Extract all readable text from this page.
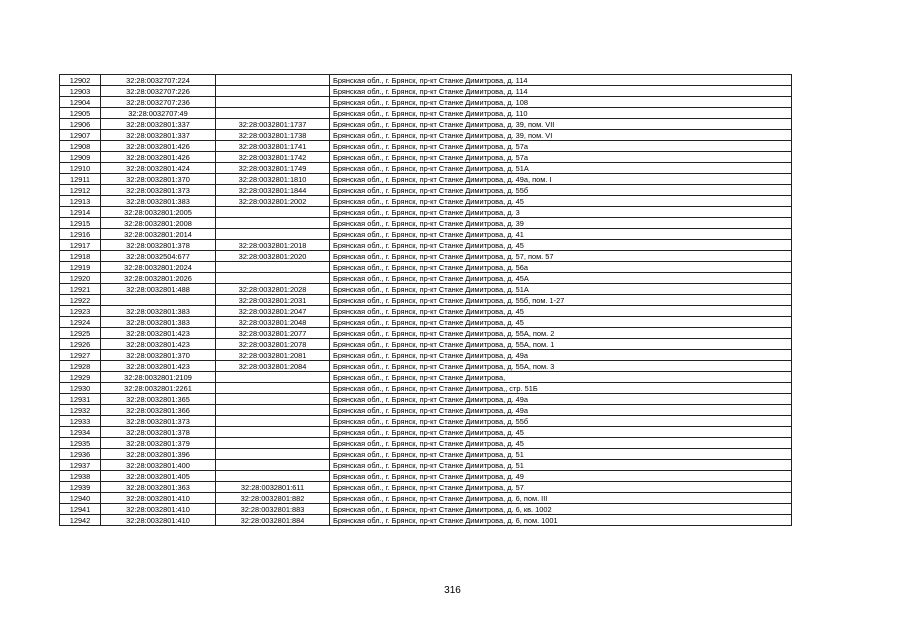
12902	32:28:0032707:224		Брянская обл., г. Брянск, пр-кт Станке Димитрова, д. 114
12903	32:28:0032707:226		Брянская обл., г. Брянск, пр-кт Станке Димитрова, д. 114
12904	32:28:0032707:236		Брянская обл., г. Брянск, пр-кт Станке Димитрова, д. 108
12905	32:28:0032707:49		Брянская обл., г. Брянск, пр-кт Станке Димитрова, д. 110
12906	32:28:0032801:337	32:28:0032801:1737	Брянская обл., г. Брянск, пр-кт Станке Димитрова, д. 39, пом. VII
12907	32:28:0032801:337	32:28:0032801:1738	Брянская обл., г. Брянск, пр-кт Станке Димитрова, д. 39, пом. VI
12908	32:28:0032801:426	32:28:0032801:1741	Брянская обл., г. Брянск, пр-кт Станке Димитрова, д. 57а
12909	32:28:0032801:426	32:28:0032801:1742	Брянская обл., г. Брянск, пр-кт Станке Димитрова, д. 57а
12910	32:28:0032801:424	32:28:0032801:1749	Брянская обл., г. Брянск, пр-кт Станке Димитрова, д. 51А
12911	32:28:0032801:370	32:28:0032801:1810	Брянская обл., г. Брянск, пр-кт Станке Димитрова, д. 49а, пом. I
12912	32:28:0032801:373	32:28:0032801:1844	Брянская обл., г. Брянск, пр-кт Станке Димитрова, д. 55б
12913	32:28:0032801:383	32:28:0032801:2002	Брянская обл., г. Брянск, пр-кт Станке Димитрова, д. 45
12914	32:28:0032801:2005		Брянская обл., г. Брянск, пр-кт Станке Димитрова, д. 3
12915	32:28:0032801:2008		Брянская обл., г. Брянск, пр-кт Станке Димитрова, д. 39
12916	32:28:0032801:2014		Брянская обл., г. Брянск, пр-кт Станке Димитрова, д. 41
12917	32:28:0032801:378	32:28:0032801:2018	Брянская обл., г. Брянск, пр-кт Станке Димитрова, д. 45
12918	32:28:0032504:677	32:28:0032801:2020	Брянская обл., г. Брянск, пр-кт Станке Димитрова, д. 57, пом. 57
12919	32:28:0032801:2024		Брянская обл., г. Брянск, пр-кт Станке Димитрова, д. 56а
12920	32:28:0032801:2026		Брянская обл., г. Брянск, пр-кт Станке Димитрова, д. 45А
12921	32:28:0032801:488	32:28:0032801:2028	Брянская обл., г. Брянск, пр-кт Станке Димитрова, д. 51А
12922		32:28:0032801:2031	Брянская обл., г. Брянск, пр-кт Станке Димитрова, д. 55б, пом. 1-27
12923	32:28:0032801:383	32:28:0032801:2047	Брянская обл., г. Брянск, пр-кт Станке Димитрова, д. 45
12924	32:28:0032801:383	32:28:0032801:2048	Брянская обл., г. Брянск, пр-кт Станке Димитрова, д. 45
12925	32:28:0032801:423	32:28:0032801:2077	Брянская обл., г. Брянск, пр-кт Станке Димитрова, д. 55А, пом. 2
12926	32:28:0032801:423	32:28:0032801:2078	Брянская обл., г. Брянск, пр-кт Станке Димитрова, д. 55А, пом. 1
12927	32:28:0032801:370	32:28:0032801:2081	Брянская обл., г. Брянск, пр-кт Станке Димитрова, д. 49а
12928	32:28:0032801:423	32:28:0032801:2084	Брянская обл., г. Брянск, пр-кт Станке Димитрова, д. 55А, пом. 3
12929	32:28:0032801:2109		Брянская обл., г. Брянск, пр-кт Станке Димитрова,
12930	32:28:0032801:2261		Брянская обл., г. Брянск, пр-кт Станке Димитрова,, стр. 51Б
12931	32:28:0032801:365		Брянская обл., г. Брянск, пр-кт Станке Димитрова, д. 49а
12932	32:28:0032801:366		Брянская обл., г. Брянск, пр-кт Станке Димитрова, д. 49а
12933	32:28:0032801:373		Брянская обл., г. Брянск, пр-кт Станке Димитрова, д. 55б
12934	32:28:0032801:378		Брянская обл., г. Брянск, пр-кт Станке Димитрова, д. 45
12935	32:28:0032801:379		Брянская обл., г. Брянск, пр-кт Станке Димитрова, д. 45
12936	32:28:0032801:396		Брянская обл., г. Брянск, пр-кт Станке Димитрова, д. 51
12937	32:28:0032801:400		Брянская обл., г. Брянск, пр-кт Станке Димитрова, д. 51
12938	32:28:0032801:405		Брянская обл., г. Брянск, пр-кт Станке Димитрова, д. 49
12939	32:28:0032801:363	32:28:0032801:611	Брянская обл., г. Брянск, пр-кт Станке Димитрова, д. 57
12940	32:28:0032801:410	32:28:0032801:882	Брянская обл., г. Брянск, пр-кт Станке Димитрова, д. 6, пом. III
12941	32:28:0032801:410	32:28:0032801:883	Брянская обл., г. Брянск, пр-кт Станке Димитрова, д. 6, кв. 1002
12942	32:28:0032801:410	32:28:0032801:884	Брянская обл., г. Брянск, пр-кт Станке Димитрова, д. 6, пом. 1001
316
